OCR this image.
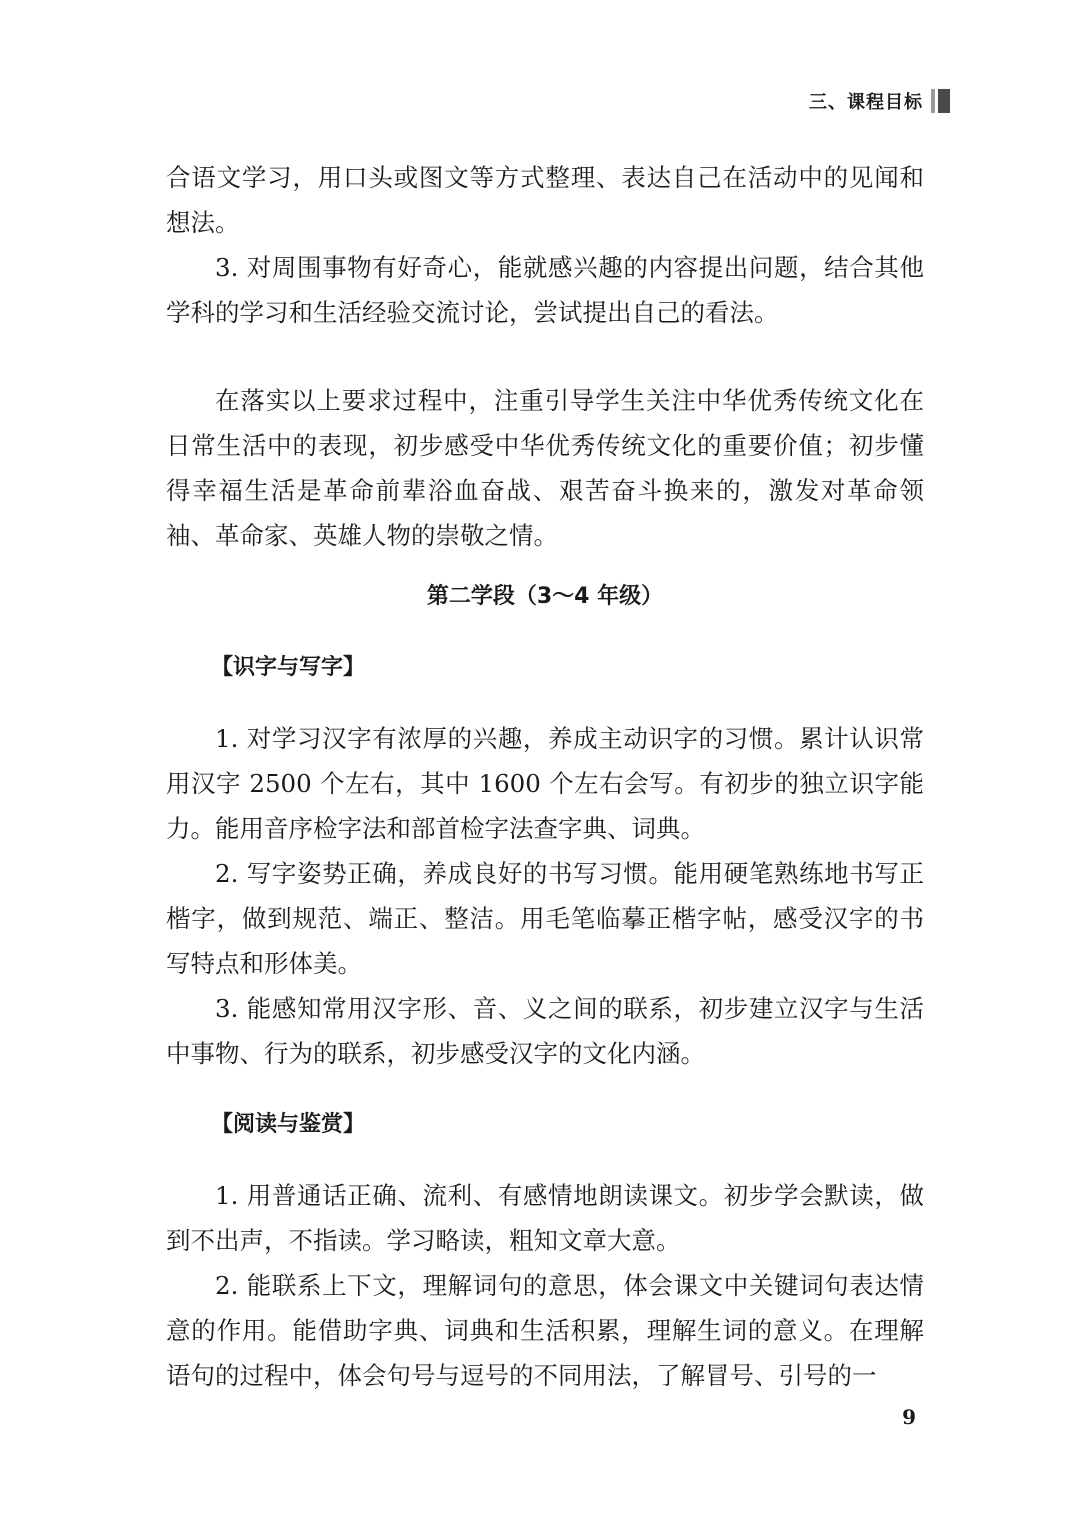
三、课程目标

合语文学习，用口头或图文等方式整理、表达自己在活动中的见闻和想法。

3. 对周围事物有好奇心，能就感兴趣的内容提出问题，结合其他学科的学习和生活经验交流讨论，尝试提出自己的看法。

在落实以上要求过程中，注重引导学生关注中华优秀传统文化在日常生活中的表现，初步感受中华优秀传统文化的重要价值；初步懂得幸福生活是革命前辈浴血奋战、艰苦奋斗换来的，激发对革命领袖、革命家、英雄人物的崇敬之情。

第二学段（3～4 年级）
【识字与写字】

1. 对学习汉字有浓厚的兴趣，养成主动识字的习惯。累计认识常用汉字 2500 个左右，其中 1600 个左右会写。有初步的独立识字能力。能用音序检字法和部首检字法查字典、词典。

2. 写字姿势正确，养成良好的书写习惯。能用硬笔熟练地书写正楷字，做到规范、端正、整洁。用毛笔临摹正楷字帖，感受汉字的书写特点和形体美。

3. 能感知常用汉字形、音、义之间的联系，初步建立汉字与生活中事物、行为的联系，初步感受汉字的文化内涵。

【阅读与鉴赏】

1. 用普通话正确、流利、有感情地朗读课文。初步学会默读，做到不出声，不指读。学习略读，粗知文章大意。

2. 能联系上下文，理解词句的意思，体会课文中关键词句表达情意的作用。能借助字典、词典和生活积累，理解生词的意义。在理解语句的过程中，体会句号与逗号的不同用法，了解冒号、引号的一

9
